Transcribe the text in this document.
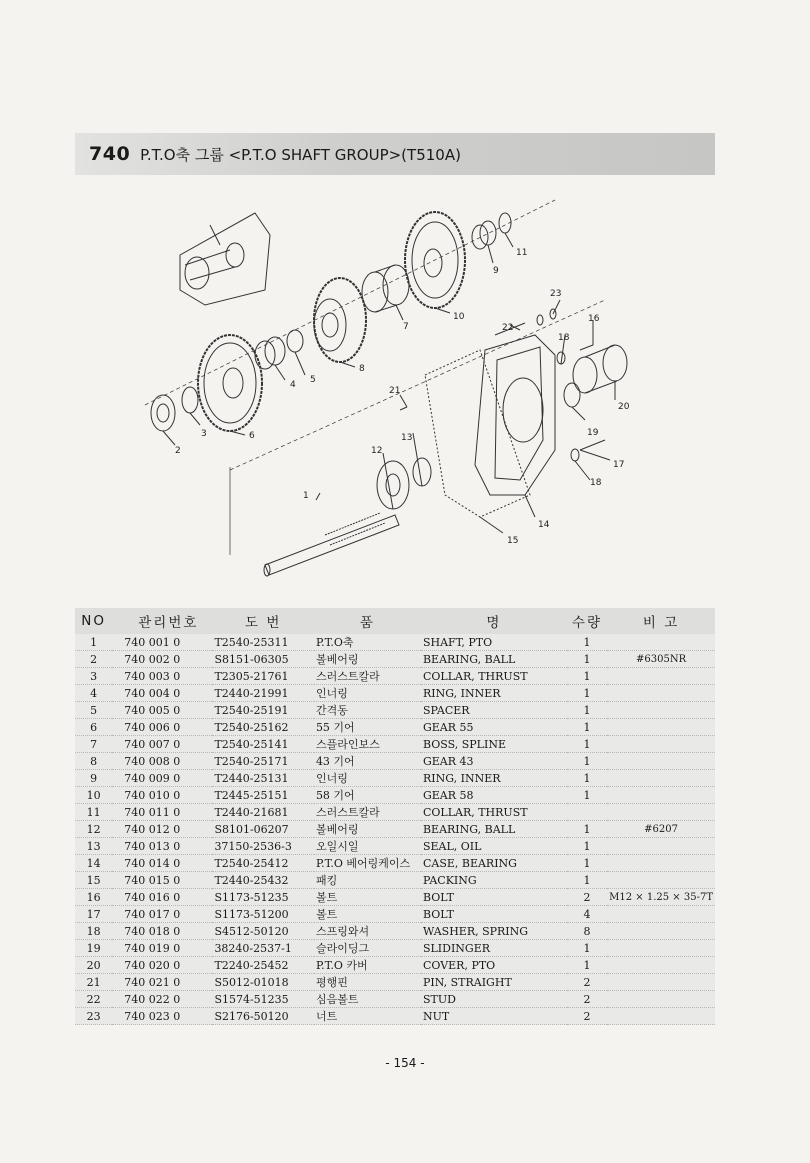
740 P.T.O축 그룹 <P.T.O SHAFT GROUP>(T510A)
1
2
3
4 5
6
7
8
9
10
11
12
13
14
15
16
17
18
18
19
20
21
22
23
NO	관리번호	도 번	품	명	수량	비 고
1	740 001 0	T2540-25311	P.T.O축	SHAFT, PTO	1	
2	740 002 0	S8151-06305	볼베어링	BEARING, BALL	1	#6305NR
3	740 003 0	T2305-21761	스러스트칼라	COLLAR, THRUST	1	
4	740 004 0	T2440-21991	인너링	RING, INNER	1	
5	740 005 0	T2540-25191	간격동	SPACER	1	
6	740 006 0	T2540-25162	55 기어	GEAR 55	1	
7	740 007 0	T2540-25141	스플라인보스	BOSS, SPLINE	1	
8	740 008 0	T2540-25171	43 기어	GEAR 43	1	
9	740 009 0	T2440-25131	인너링	RING, INNER	1	
10	740 010 0	T2445-25151	58 기어	GEAR 58	1	
11	740 011 0	T2440-21681	스러스트칼라	COLLAR, THRUST		
12	740 012 0	S8101-06207	볼베어링	BEARING, BALL	1	#6207
13	740 013 0	37150-2536-3	오일시일	SEAL, OIL	1	
14	740 014 0	T2540-25412	P.T.O 베어링케이스	CASE, BEARING	1	
15	740 015 0	T2440-25432	패킹	PACKING	1	
16	740 016 0	S1173-51235	볼트	BOLT	2	M12 × 1.25 × 35-7T
17	740 017 0	S1173-51200	볼트	BOLT	4	
18	740 018 0	S4512-50120	스프링와셔	WASHER, SPRING	8	
19	740 019 0	38240-2537-1	슬라이딩그	SLIDINGER	1	
20	740 020 0	T2240-25452	P.T.O 카버	COVER, PTO	1	
21	740 021 0	S5012-01018	평행핀	PIN, STRAIGHT	2	
22	740 022 0	S1574-51235	심음볼트	STUD	2	
23	740 023 0	S2176-50120	너트	NUT	2	
- 154 -
